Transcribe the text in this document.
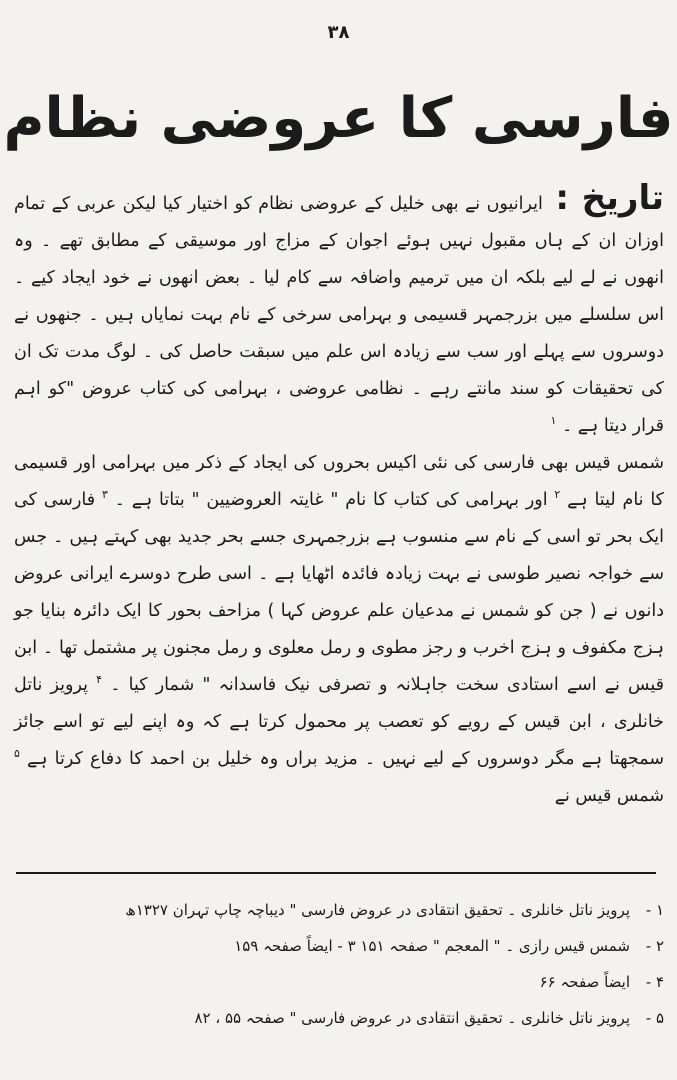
۳۸
فارسی کا عروضی نظام

تاریخ : ایرانیوں نے بھی خلیل کے عروضی نظام کو اختیار کیا لیکن عربی کے تمام اوزان ان کے ہاں مقبول نہیں ہوئے اجوان کے مزاج اور موسیقی کے مطابق تھے ۔ وہ انھوں نے لے لیے بلکہ ان میں ترمیم واضافہ سے کام لیا ۔ بعض انھوں نے خود ایجاد کیے ۔ اس سلسلے میں بزرجمہر قسیمی و بہرامی سرخی کے نام بہت نمایاں ہیں ۔ جنھوں نے دوسروں سے پہلے اور سب سے زیادہ اس علم میں سبقت حاصل کی ۔ لوگ مدت تک ان کی تحقیقات کو سند مانتے رہے ۔ نظامی عروضی ، بہرامی کی کتاب عروض "کو اہم قرار دیتا ہے ۔ $^۱$

شمس قیس بھی فارسی کی نئی اکیس بحروں کی ایجاد کے ذکر میں بہرامی اور قسیمی کا نام لیتا ہے $^۲$ اور بہرامی کی کتاب کا نام " غایتہ العروضیین " بتاتا ہے ۔ $^۳$ فارسی کی ایک بحر تو اسی کے نام سے منسوب ہے بزرجمہری جسے بحر جدید بھی کہتے ہیں ۔ جس سے خواجہ نصیر طوسی نے بہت زیادہ فائدہ اٹھایا ہے ۔ اسی طرح دوسرے ایرانی عروض دانوں نے ( جن کو شمس نے مدعیان علم عروض کہا ) مزاحف بحور کا ایک دائرہ بنایا جو ہزج مکفوف و ہزج اخرب و رجز مطوی و رمل معلوی و رمل مجنون پر مشتمل تھا ۔ ابن قیس نے اسے استادی سخت جاہلانہ و تصرفی نیک فاسدانہ " شمار کیا ۔ $^۴$ پرویز ناتل خانلری ، ابن قیس کے رویے کو تعصب پر محمول کرتا ہے کہ وہ اپنے لیے تو اسے جائز سمجھتا ہے مگر دوسروں کے لیے نہیں ۔ مزید براں وہ خلیل بن احمد کا دفاع کرتا ہے $^۵$ شمس قیس نے

۱ -
پرویز ناتل خانلری ۔ تحقیق انتقادی در عروض فارسی " دیباچہ چاپ تہران ۱۳۲۷ھ
۲ -
شمس قیس رازی ۔ " المعجم " صفحہ ۱۵۱ ۳ - ایضاً صفحہ ۱۵۹
۴ -
ایضاً صفحہ ۶۶
۵ -
پرویز ناتل خانلری ۔ تحقیق انتقادی در عروض فارسی " صفحہ ۵۵ ، ۸۲
